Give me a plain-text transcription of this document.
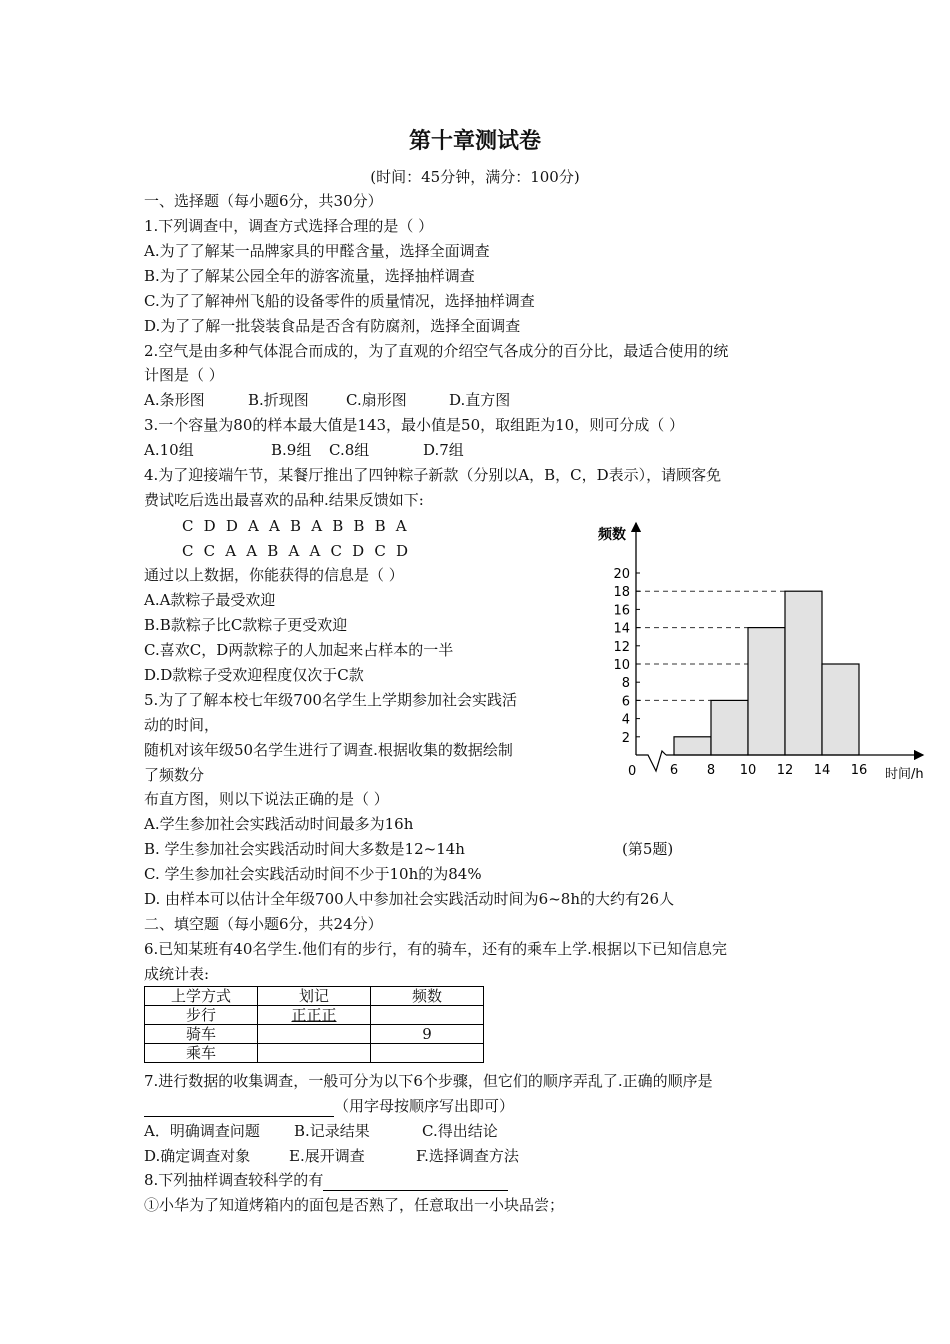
第十章测试卷
(时间：45分钟，满分：100分)
一、选择题（每小题6分，共30分）
1.下列调查中，调查方式选择合理的是（ ）
A.为了了解某一品牌家具的甲醛含量，选择全面调查
B.为了了解某公园全年的游客流量，选择抽样调查
C.为了了解神州飞船的设备零件的质量情况，选择抽样调查
D.为了了解一批袋装食品是否含有防腐剂，选择全面调查
2.空气是由多种气体混合而成的，为了直观的介绍空气各成分的百分比，最适合使用的统
计图是（ ）
A.条形图	B.折现图 C.扇形图	D.直方图
3.一个容量为80的样本最大值是143，最小值是50，取组距为10，则可分成（ ）
A.10组	B.9组 C.8组	D.7组
4.为了迎接端午节，某餐厅推出了四钟粽子新款（分别以A，B，C，D表示），请顾客免
费试吃后选出最喜欢的品种.结果反馈如下:
C D D A A B A B B B A
C C A A B A A C D C D
通过以上数据，你能获得的信息是（ ）
A.A款粽子最受欢迎
B.B款粽子比C款粽子更受欢迎
C.喜欢C，D两款粽子的人加起来占样本的一半
D.D款粽子受欢迎程度仅次于C款
5.为了了解本校七年级700名学生上学期参加社会实践活
动的时间，
随机对该年级50名学生进行了调查.根据收集的数据绘制
了频数分
布直方图，则以下说法正确的是（ ）
A.学生参加社会实践活动时间最多为16h
B. 学生参加社会实践活动时间大多数是12~14h	(第5题)
C. 学生参加社会实践活动时间不少于10h的为84%
D. 由样本可以估计全年级700人中参加社会实践活动时间为6~8h的大约有26人
二、填空题（每小题6分，共24分）
6.已知某班有40名学生.他们有的步行，有的骑车，还有的乘车上学.根据以下已知信息完
成统计表:
上学方式	划记	频数
步行	正正正	
骑车		9
乘车		
7.进行数据的收集调查，一般可分为以下6个步骤，但它们的顺序弄乱了.正确的顺序是
（用字母按顺序写出即可）
A．明确调查问题 B.记录结果	C.得出结论
D.确定调查对象	E.展开调查	F.选择调查方法
8.下列抽样调查较科学的有
①小华为了知道烤箱内的面包是否熟了，任意取出一小块品尝；
2
4
6
8
10
12
14
16
18
20
6 8 10 12 14 16
频数
时间/h
0
